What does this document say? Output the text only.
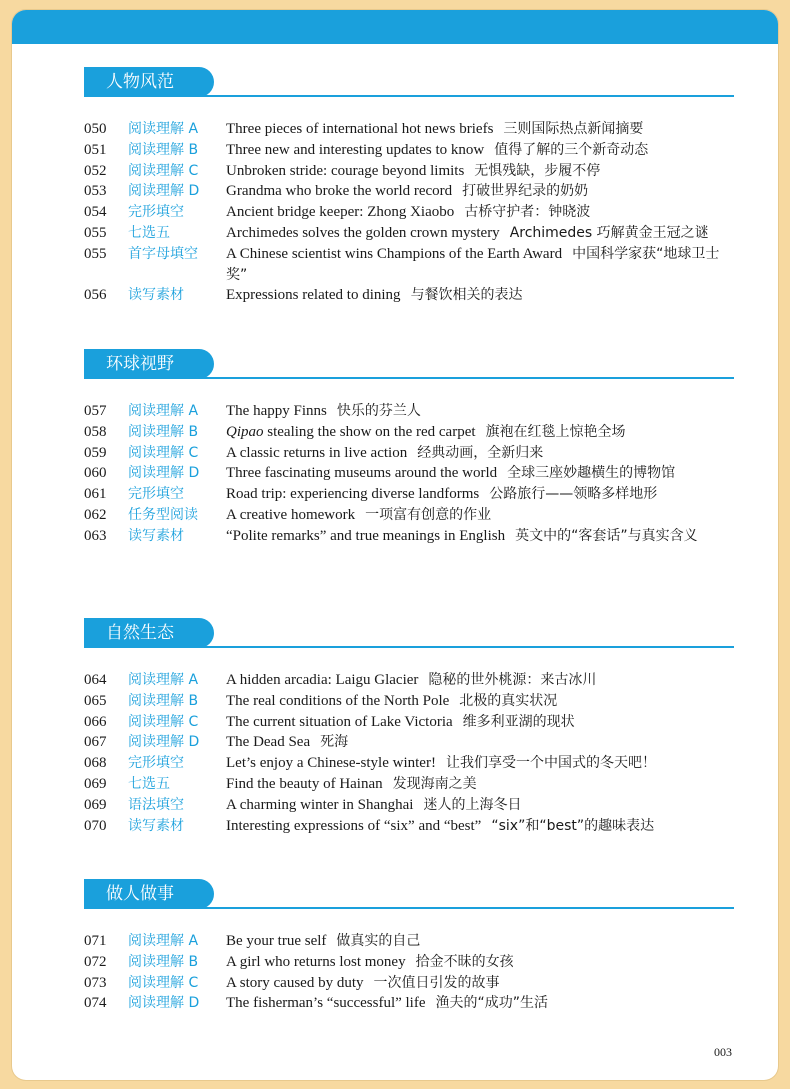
人物风范
050	阅读理解 A	Three pieces of international hot news briefs 三则国际热点新闻摘要
051	阅读理解 B	Three new and interesting updates to know 值得了解的三个新奇动态
052	阅读理解 C	Unbroken stride: courage beyond limits 无惧残缺，步履不停
053	阅读理解 D	Grandma who broke the world record 打破世界纪录的奶奶
054	完形填空	Ancient bridge keeper: Zhong Xiaobo 古桥守护者：钟晓波
055	七选五	Archimedes solves the golden crown mystery Archimedes 巧解黄金王冠之谜
055	首字母填空	A Chinese scientist wins Champions of the Earth Award 中国科学家获“地球卫士奖”
056	读写素材	Expressions related to dining 与餐饮相关的表达
环球视野
057	阅读理解 A	The happy Finns 快乐的芬兰人
058	阅读理解 B	Qipao stealing the show on the red carpet 旗袍在红毯上惊艳全场
059	阅读理解 C	A classic returns in live action 经典动画，全新归来
060	阅读理解 D	Three fascinating museums around the world 全球三座妙趣横生的博物馆
061	完形填空	Road trip: experiencing diverse landforms 公路旅行——领略多样地形
062	任务型阅读	A creative homework 一项富有创意的作业
063	读写素材	“Polite remarks” and true meanings in English 英文中的“客套话”与真实含义
自然生态
064	阅读理解 A	A hidden arcadia: Laigu Glacier 隐秘的世外桃源：来古冰川
065	阅读理解 B	The real conditions of the North Pole 北极的真实状况
066	阅读理解 C	The current situation of Lake Victoria 维多利亚湖的现状
067	阅读理解 D	The Dead Sea 死海
068	完形填空	Let’s enjoy a Chinese-style winter! 让我们享受一个中国式的冬天吧！
069	七选五	Find the beauty of Hainan 发现海南之美
069	语法填空	A charming winter in Shanghai 迷人的上海冬日
070	读写素材	Interesting expressions of “six” and “best” “six”和“best”的趣味表达
做人做事
071	阅读理解 A	Be your true self 做真实的自己
072	阅读理解 B	A girl who returns lost money 拾金不昧的女孩
073	阅读理解 C	A story caused by duty 一次值日引发的故事
074	阅读理解 D	The fisherman’s “successful” life 渔夫的“成功”生活
003
